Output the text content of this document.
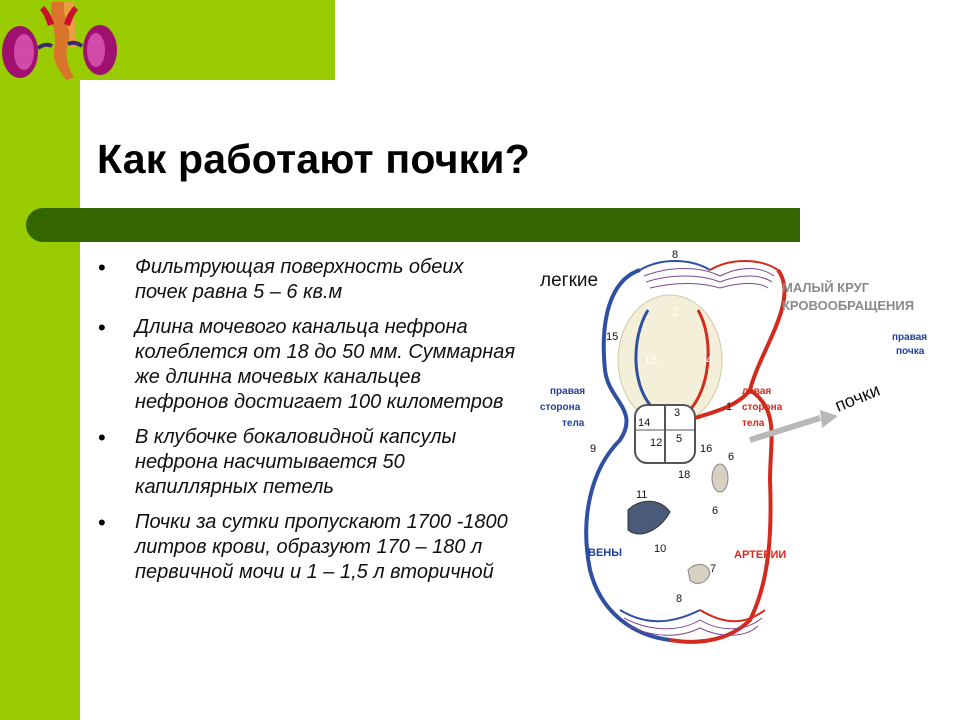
Как работают почки?
• Фильтрующая поверхность обеих почек равна 5 – 6 кв.м
• Длина мочевого канальца нефрона колеблется от 18 до 50 мм. Суммарная же длинна мочевых канальцев нефронов достигает 100 километров
• В клубочке бокаловидной капсулы нефрона насчитывается 50 капиллярных петель
• Почки за сутки пропускают 1700 -1800 литров крови, образуют 170 – 180 л первичной мочи и 1 – 1,5 л вторичной
легкие	МАЛЫЙ КРУГ
КРОВООБРАЩЕНИЯ
правая
почка
правая
сторона
тела
левая
сторона
тела
почки
ВЕНЫ	АРТЕРИИ
8
2
15
13	4
3	1
14
12 5
9	16
18
6
11
6
10
7
8
